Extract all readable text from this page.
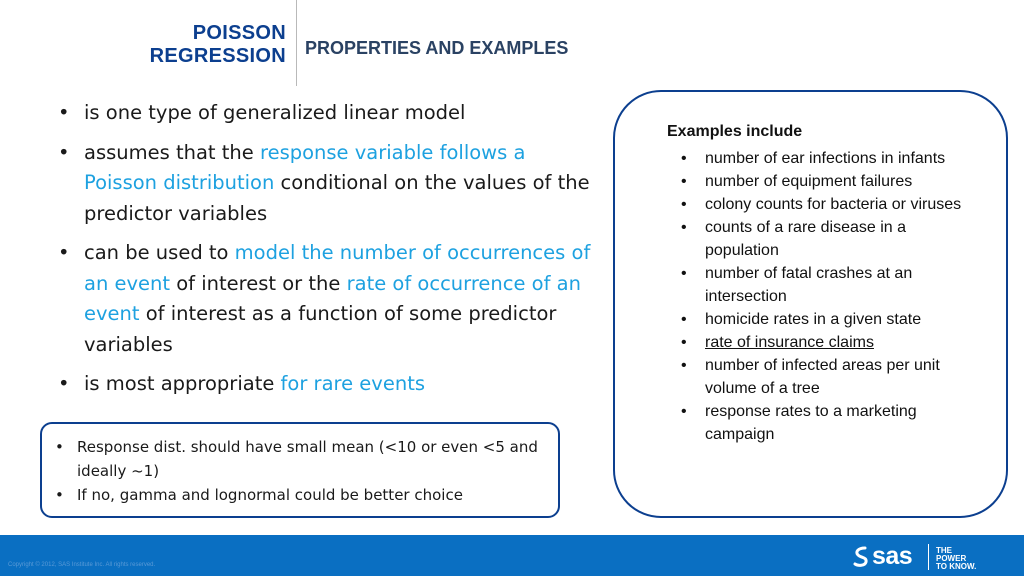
POISSON
REGRESSION PROPERTIES AND EXAMPLES
• is one type of generalized linear model
• assumes that the response variable follows a Poisson distribution conditional on the values of the predictor variables
• can be used to model the number of occurrences of an event of interest or the rate of occurrence of an event of interest as a function of some predictor variables
• is most appropriate for rare events
• Response dist. should have small mean (<10 or even <5 and ideally ~1)
• If no, gamma and lognormal could be better choice

Examples include

• number of ear infections in infants
• number of equipment failures
• colony counts for bacteria or viruses
• counts of a rare disease in a population
• number of fatal crashes at an intersection
• homicide rates in a given state
• rate of insurance claims
• number of infected areas per unit volume of a tree
• response rates to a marketing campaign
Copyright © 2012, SAS Institute Inc. All rights reserved.	sas	THE
POWER
TO KNOW.
